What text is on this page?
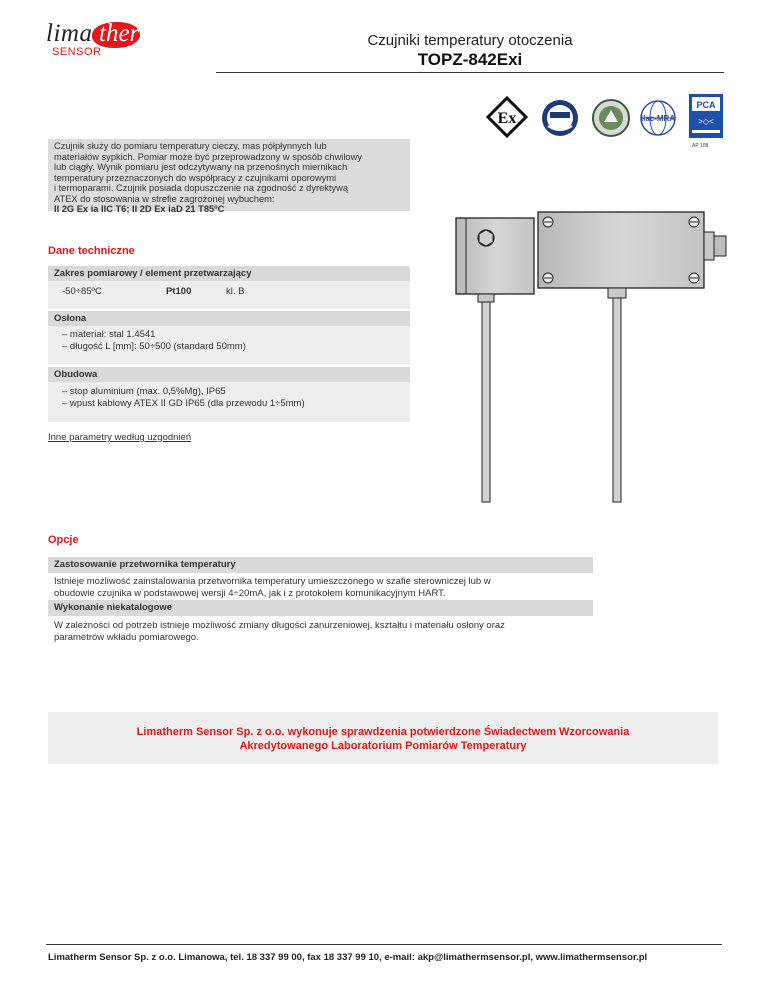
lima therm
SENSOR
Czujniki temperatury otoczenia
TOPZ-842Exi
Ex	ilac-MRA
PCA
>◇<
AP 108
Czujnik służy do pomiaru temperatury cieczy, mas półpłynnych lub
materiałów sypkich. Pomiar może być przeprowadzony w sposób chwilowy
lub ciągły. Wynik pomiaru jest odczytywany na przenośnych miernikach
temperatury przeznaczonych do współpracy z czujnikami oporowymi
i termoparami. Czujnik posiada dopuszczenie na zgodność z dyrektywą
ATEX do stosowania w strefie zagrożonej wybuchem:
II 2G Ex ia IIC T6; II 2D Ex iaD 21 T85ºC
Dane techniczne
Zakres pomiarowy / element przetwarzający
-50÷85ºC	Pt100	kl. B
Osłona
– materiał: stal 1.4541
– długość L [mm]: 50÷500 (standard 50mm)
Obudowa
– stop aluminium (max. 0,5%Mg), IP65
– wpust kablowy ATEX II GD IP65 (dla przewodu 1÷5mm)
Inne parametry według uzgodnień
Opcje
Zastosowanie przetwornika temperatury
Istnieje możliwość zainstalowania przetwornika temperatury umieszczonego w szafie sterowniczej lub w
obudowie czujnika w podstawowej wersji 4÷20mA, jak i z protokołem komunikacyjnym HART.
Wykonanie niekatalogowe
W zależności od potrzeb istnieje możliwość zmiany długości zanurzeniowej, kształtu i materiału osłony oraz
parametrów wkładu pomiarowego.
Limatherm Sensor Sp. z o.o. wykonuje sprawdzenia potwierdzone Świadectwem Wzorcowania
Akredytowanego Laboratorium Pomiarów Temperatury
Limatherm Sensor Sp. z o.o. Limanowa, tel. 18 337 99 00, fax 18 337 99 10, e-mail: akp@limathermsensor.pl, www.limathermsensor.pl
